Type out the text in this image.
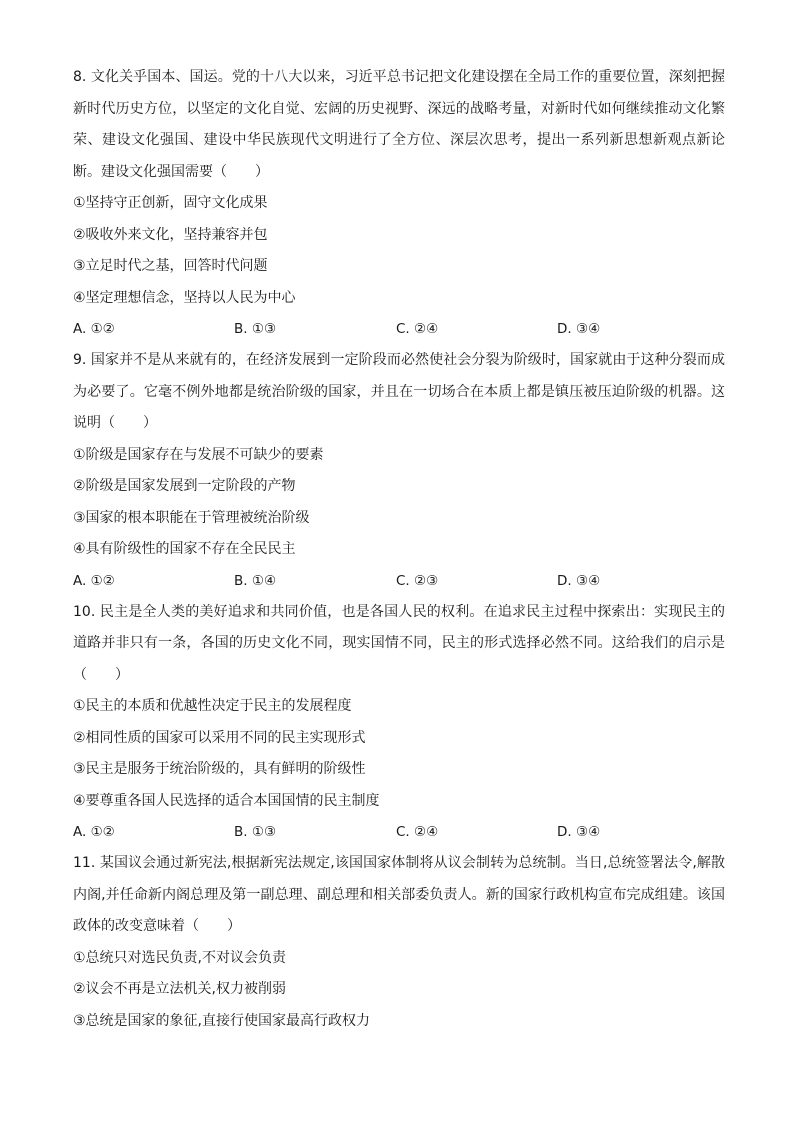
8. 文化关乎国本、国运。党的十八大以来，习近平总书记把文化建设摆在全局工作的重要位置，深刻把握新时代历史方位，以坚定的文化自觉、宏阔的历史视野、深远的战略考量，对新时代如何继续推动文化繁荣、建设文化强国、建设中华民族现代文明进行了全方位、深层次思考，提出一系列新思想新观点新论断。建设文化强国需要（　　）

①坚持守正创新，固守文化成果
②吸收外来文化，坚持兼容并包
③立足时代之基，回答时代问题
④坚定理想信念，坚持以人民为中心
A. ①②	B. ①③	C. ②④	D. ③④

9. 国家并不是从来就有的，在经济发展到一定阶段而必然使社会分裂为阶级时，国家就由于这种分裂而成为必要了。它毫不例外地都是统治阶级的国家，并且在一切场合在本质上都是镇压被压迫阶级的机器。这说明（　　）

①阶级是国家存在与发展不可缺少的要素
②阶级是国家发展到一定阶段的产物
③国家的根本职能在于管理被统治阶级
④具有阶级性的国家不存在全民民主
A. ①②	B. ①④	C. ②③	D. ③④

10. 民主是全人类的美好追求和共同价值，也是各国人民的权利。在追求民主过程中探索出：实现民主的道路并非只有一条，各国的历史文化不同，现实国情不同，民主的形式选择必然不同。这给我们的启示是（　　）

①民主的本质和优越性决定于民主的发展程度
②相同性质的国家可以采用不同的民主实现形式
③民主是服务于统治阶级的，具有鲜明的阶级性
④要尊重各国人民选择的适合本国国情的民主制度
A. ①②	B. ①③	C. ②④	D. ③④

11. 某国议会通过新宪法,根据新宪法规定,该国国家体制将从议会制转为总统制。当日,总统签署法令,解散内阁,并任命新内阁总理及第一副总理、副总理和相关部委负责人。新的国家行政机构宣布完成组建。该国政体的改变意味着（　　）

①总统只对选民负责,不对议会负责
②议会不再是立法机关,权力被削弱
③总统是国家的象征,直接行使国家最高行政权力
